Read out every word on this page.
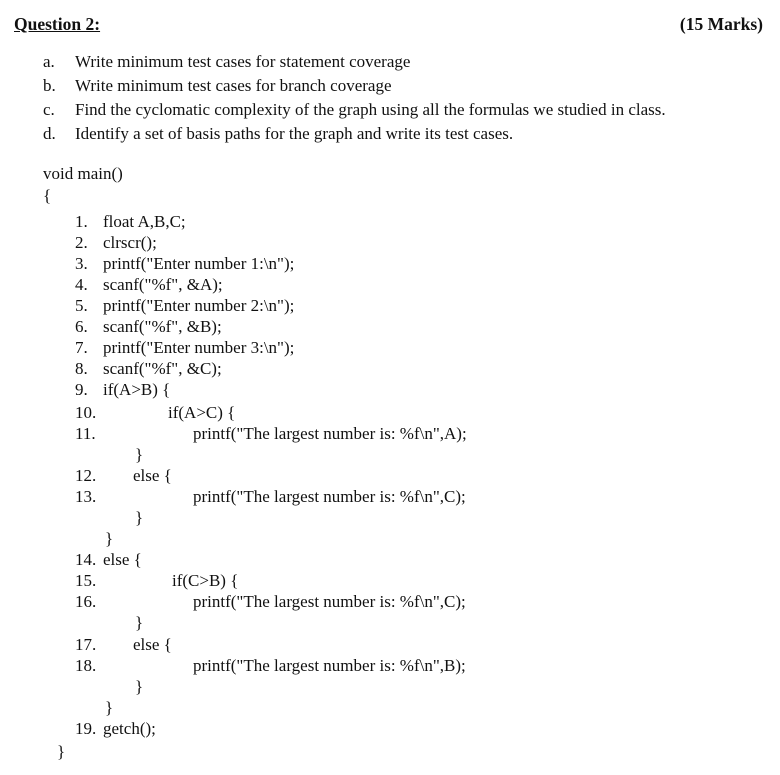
Question 2:	(15 Marks)
a. Write minimum test cases for statement coverage
b. Write minimum test cases for branch coverage
c. Find the cyclomatic complexity of the graph using all the formulas we studied in class.
d. Identify a set of basis paths for the graph and write its test cases.
void main()
{
1. float A,B,C;
2. clrscr();
3. printf("Enter number 1:\n");
4. scanf("%f", &A);
5. printf("Enter number 2:\n");
6. scanf("%f", &B);
7. printf("Enter number 3:\n");
8. scanf("%f", &C);
9. if(A>B) {
10.	if(A>C) {
11.	printf("The largest number is: %f\n",A);
}
12. else {
13.	printf("The largest number is: %f\n",C);
}
}
14. else {
15.	if(C>B) {
16.	printf("The largest number is: %f\n",C);
}
17. else {
18.	printf("The largest number is: %f\n",B);
}
}
19. getch();
}
